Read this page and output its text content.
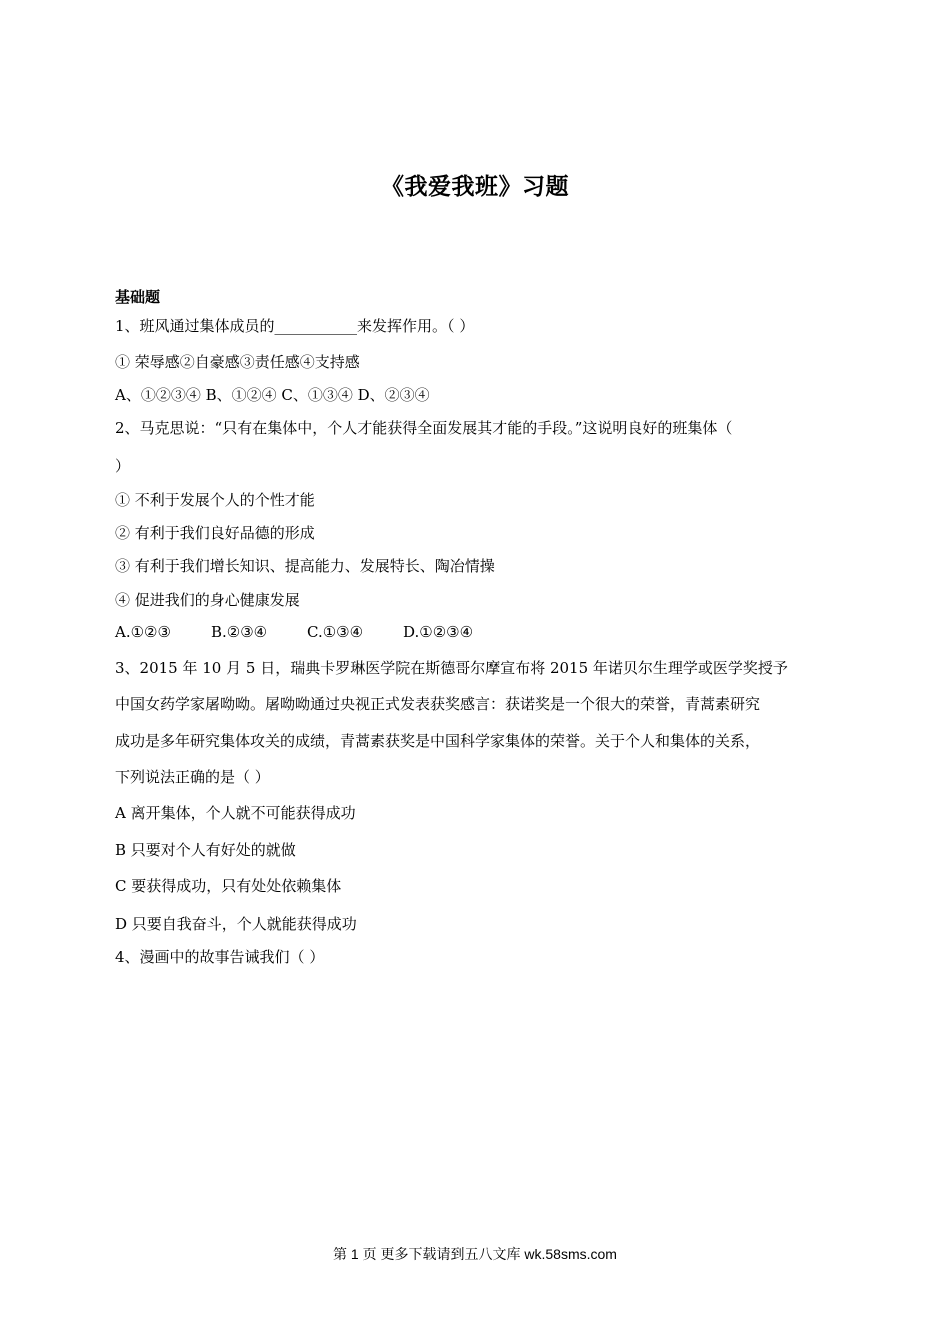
《我爱我班》习题
基础题
1、班风通过集体成员的___________来发挥作用。（ ）
① 荣辱感②自豪感③责任感④支持感
A、①②③④ B、①②④ C、①③④ D、②③④
2、马克思说：“只有在集体中，个人才能获得全面发展其才能的手段。”这说明良好的班集体（
）
① 不利于发展个人的个性才能
② 有利于我们良好品德的形成
③ 有利于我们增长知识、提高能力、发展特长、陶冶情操
④ 促进我们的身心健康发展
A.①②③	B.②③④	C.①③④	D.①②③④
3、2015 年 10 月 5 日，瑞典卡罗琳医学院在斯德哥尔摩宣布将 2015 年诺贝尔生理学或医学奖授予
中国女药学家屠呦呦。屠呦呦通过央视正式发表获奖感言：获诺奖是一个很大的荣誉，青蒿素研究
成功是多年研究集体攻关的成绩，青蒿素获奖是中国科学家集体的荣誉。关于个人和集体的关系，
下列说法正确的是（ ）
A 离开集体，个人就不可能获得成功
B 只要对个人有好处的就做
C 要获得成功，只有处处依赖集体
D 只要自我奋斗，个人就能获得成功
4、漫画中的故事告诫我们（ ）
第 1 页 更多下载请到五八文库 wk.58sms.com
